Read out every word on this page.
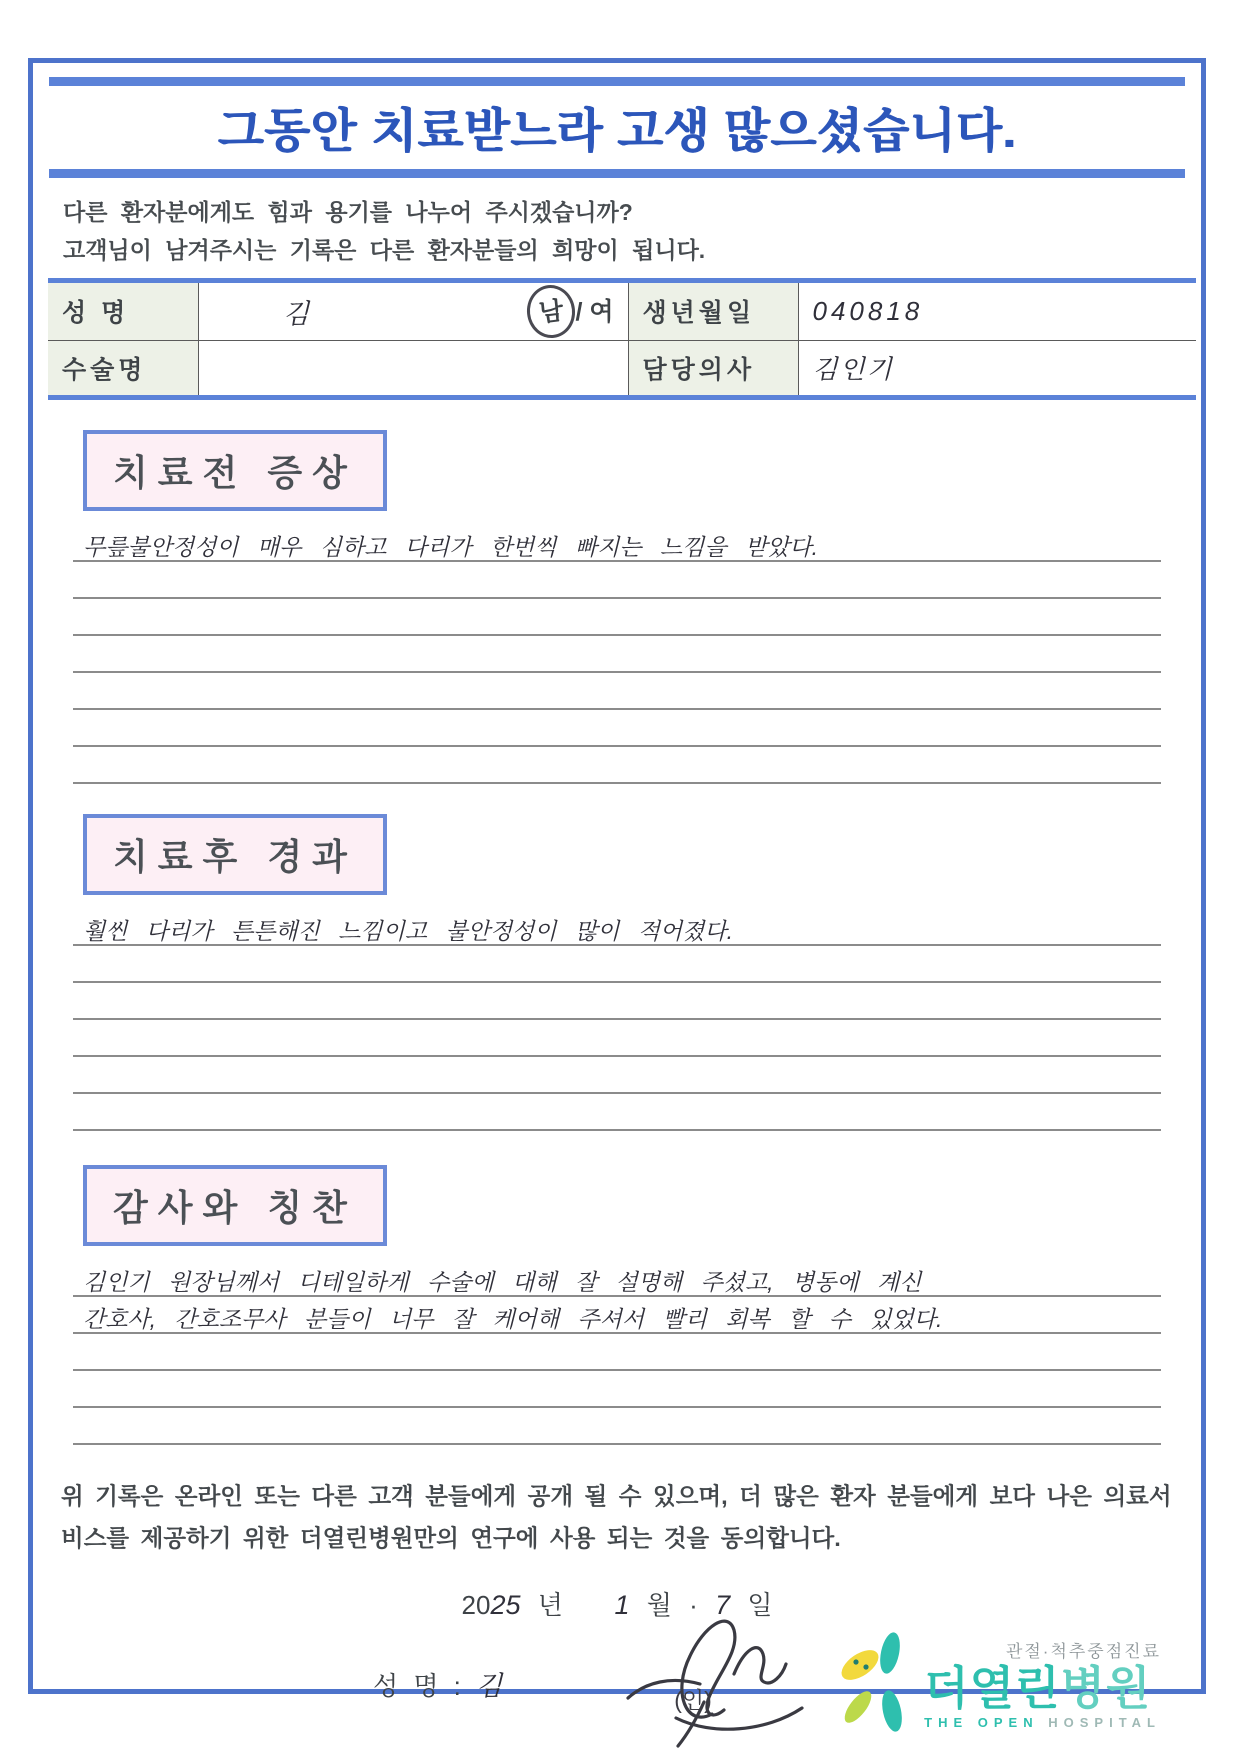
그동안 치료받느라 고생 많으셨습니다.

다른 환자분에게도 힘과 용기를 나누어 주시겠습니까?

고객님이 남겨주시는 기록은 다른 환자분들의 희망이 됩니다.

성 명	김 남 / 여	생년월일	040818
수술명		담당의사	김인기
치료전 증상
무릎불안정성이 매우 심하고 다리가 한번씩 빠지는 느낌을 받았다.
치료후 경과
훨씬 다리가 튼튼해진 느낌이고 불안정성이 많이 적어졌다.
감사와 칭찬
김인기 원장님께서 디테일하게 수술에 대해 잘 설명해 주셨고, 병동에 계신
간호사, 간호조무사 분들이 너무 잘 케어해 주셔서 빨리 회복 할 수 있었다.
위 기록은 온라인 또는 다른 고객 분들에게 공개 될 수 있으며, 더 많은 환자 분들에게 보다 나은 의료서비스를 제공하기 위한 더열린병원만의 연구에 사용 되는 것을 동의합니다.
2025 년 1 월 · 7 일
성 명 : 김	(인)
관절·척추중점진료
더열린병원
THE OPEN HOSPITAL
